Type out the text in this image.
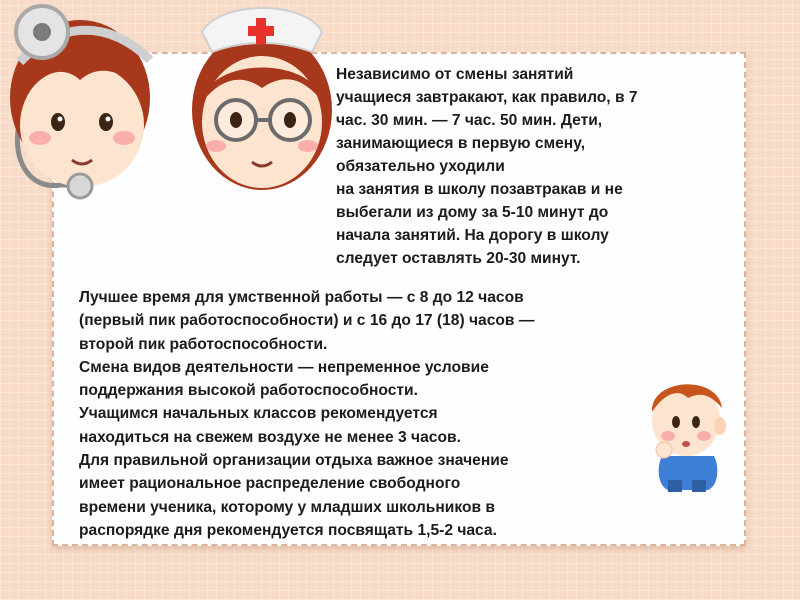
Независимо от смены занятий
учащиеся завтракают, как правило, в 7
час. 30 мин. — 7 час. 50 мин. Дети,
занимающиеся в первую смену,
обязательно уходили
на занятия в школу позавтракав и не
выбегали из дому за 5-10 минут до
начала занятий. На дорогу в школу
следует оставлять 20-30 минут.

Лучшее время для умственной работы — с 8 до 12 часов
(первый пик работоспособности) и с 16 до 17 (18) часов —
второй пик работоспособности.
Смена видов деятельности — непременное условие
поддержания высокой работоспособности.
Учащимся начальных классов рекомендуется
находиться на свежем воздухе не менее 3 часов.
Для правильной организации отдыха важное значение
имеет рациональное распределение свободного
времени ученика, которому у младших школьников в
распорядке дня рекомендуется посвящать 1,5-2 часа.
